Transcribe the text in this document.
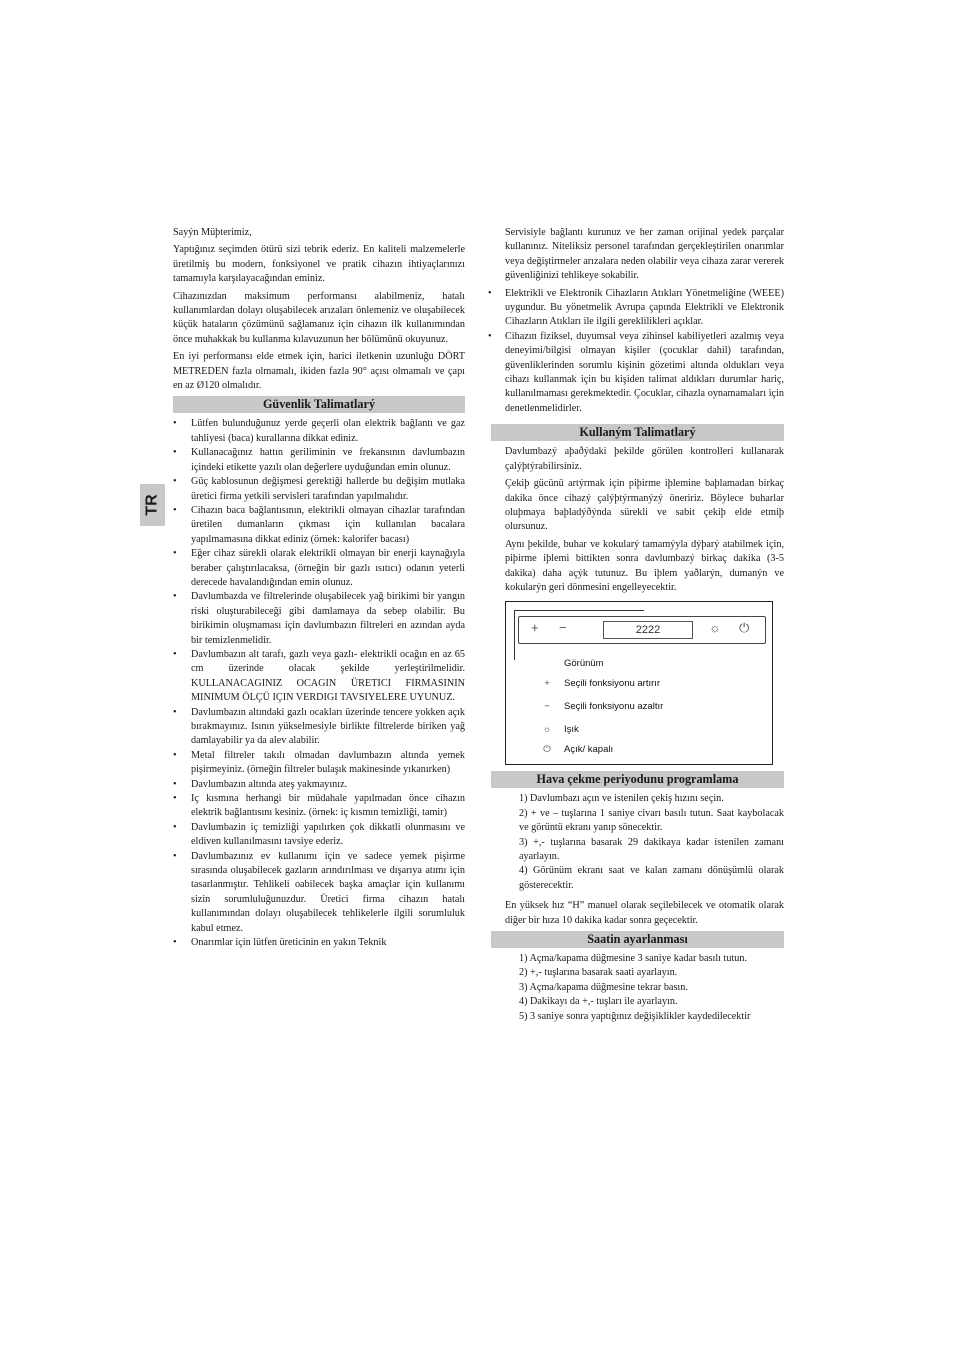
TR

Sayýn Müþterimiz,

Yaptığınız seçimden ötürü sizi tebrik ederiz. En kaliteli malzemelerle üretilmiş bu modern, fonksiyonel ve pratik cihazın ihtiyaçlarınızı tamamıyla karşılayacağından eminiz.

Cihazınızdan maksimum performansı alabilmeniz, hatalı kullanımlardan dolayı oluşabilecek arızaları önlemeniz ve oluşabilecek küçük hataların çözümünü sağlamanız için cihazın ilk kullanımından önce muhakkak bu kullanma kılavuzunun her bölümünü okuyunuz.

En iyi performansı elde etmek için, harici iletkenin uzunluğu DÖRT METREDEN fazla olmamalı, ikiden fazla 90° açısı olmamalı ve çapı en az Ø120 olmalıdır.

Güvenlik Talimatlarý
• Lütfen bulunduğunuz yerde geçerli olan elektrik bağlantı ve gaz tahliyesi (baca) kurallarına dikkat ediniz.
• Kullanacağınız hattın geriliminin ve frekansının davlumbazın içindeki etikette yazılı olan değerlere uyduğundan emin olunuz.
• Güç kablosunun değişmesi gerektiği hallerde bu değişim mutlaka üretici firma yetkili servisleri tarafından yapılmalıdır.
• Cihazın baca bağlantısının, elektrikli olmayan cihazlar tarafından üretilen dumanların çıkması için kullanılan bacalara yapılmamasına dikkat ediniz (örnek: kalorifer bacası)
• Eğer cihaz sürekli olarak elektrikli olmayan bir enerji kaynağıyla beraber çalıştırılacaksa, (örneğin bir gazlı ısıtıcı) odanın yeterli derecede havalandığından emin olunuz.
• Davlumbazda ve filtrelerinde oluşabilecek yağ birikimi bir yangın riski oluşturabileceği gibi damlamaya da sebep olabilir. Bu birikimin oluşmaması için davlumbazın filtreleri en azından ayda bir temizlenmelidir.
• Davlumbazın alt tarafı, gazlı veya gazlı- elektrikli ocağın en az 65 cm üzerinde olacak şekilde yerleştirilmelidir. KULLANACAGINIZ OCAGIN ÜRETICI FIRMASININ MINIMUM ÖLÇÜ IÇIN VERDIGI TAVSIYELERE UYUNUZ.
• Davlumbazın altındaki gazlı ocakları üzerinde tencere yokken açık bırakmayınız. Isının yükselmesiyle birlikte filtrelerde biriken yağ damlayabilir ya da alev alabilir.
• Metal filtreler takılı olmadan davlumbazın altında yemek pişirmeyiniz. (örneğin filtreler bulaşık makinesinde yıkanırken)
• Davlumbazın altında ateş yakmayınız.
• Iç kısmına herhangi bir müdahale yapılmadan önce cihazın elektrik bağlantısını kesiniz. (örnek: iç kısmın temizliği, tamir)
• Davlumbazin iç temizliği yapılırken çok dikkatli olunmasını ve eldiven kullanılmasını tavsiye ederiz.
• Davlumbazınız ev kullanımı için ve sadece yemek pişirme sırasında oluşabilecek gazların arındırılması ve dışarıya atımı için tasarlanmıştır. Tehlikeli oabilecek başka amaçlar için kullanımı sizin sorumluluğunuzdur. Üretici firma cihazın hatalı kullanımından dolayı oluşabilecek tehlikelerle ilgili sorumluluk kabul etmez.
• Onarımlar için lütfen üreticinin en yakın Teknik

Servisiyle bağlantı kurunuz ve her zaman orijinal yedek parçalar kullanınız. Niteliksiz personel tarafından gerçekleştirilen onarımlar veya değiştirmeler arızalara neden olabilir veya cihaza zarar vererek güvenliğinizi tehlikeye sokabilir.

• Elektrikli ve Elektronik Cihazların Atıkları Yönetmeliğine (WEEE) uygundur. Bu yönetmelik Avrupa çapında Elektrikli ve Elektronik Cihazların Atıkları ile ilgili gereklilikleri açıklar.
• Cihazın fiziksel, duyumsal veya zihinsel kabiliyetleri azalmış veya deneyimi/bilgisi olmayan kişiler (çocuklar dahil) tarafından, güvenliklerinden sorumlu kişinin gözetimi altında oldukları veya cihazı kullanmak için bu kişiden talimat aldıkları durumlar hariç, kullanılmaması gerekmektedir. Çocuklar, cihazla oynamamaları için denetlenmelidirler.
Kullaným Talimatlarý

Davlumbazý aþaðýdaki þekilde görülen kontrolleri kullanarak çalýþtýrabilirsiniz.

Çekiþ gücünü artýrmak için piþirme iþlemine baþlamadan birkaç dakika önce cihazý çalýþtýrmanýzý öneririz. Böylece buharlar oluþmaya baþladýðýnda sürekli ve sabit çekiþ elde etmiþ olursunuz.

Aynı þekilde, buhar ve kokularý tamamýyla dýþarý atabilmek için, piþirme iþlemi bittikten sonra davlumbazý birkaç dakika (3-5 dakika) daha açýk tutunuz. Bu iþlem yaðlarýn, dumanýn ve kokularýn geri dönmesini engelleyecektir.

+ −	2222	☼ ⏻
Görünüm
+ Seçili fonksiyonu artırır
− Seçili fonksiyonu azaltır
☼ Işık
⏻ Açık/ kapalı
Hava çekme periyodunu programlama
1) Davlumbazı açın ve istenilen çekiş hızını seçin.
2) + ve – tuşlarına 1 saniye civarı basılı tutun. Saat kaybolacak ve görüntü ekranı yanıp sönecektir.
3) +,- tuşlarına basarak 29 dakikaya kadar istenilen zamanı ayarlayın.
4) Görünüm ekranı saat ve kalan zamanı dönüşümlü olarak gösterecektir.

En yüksek hız “H” manuel olarak seçilebilecek ve otomatik olarak diğer bir hıza 10 dakika kadar sonra geçecektir.

Saatin ayarlanması
1) Açma/kapama düğmesine 3 saniye kadar basılı tutun.
2) +,- tuşlarına basarak saati ayarlayın.
3) Açma/kapama düğmesine tekrar basın.
4) Dakikayı da +,- tuşları ile ayarlayın.
5) 3 saniye sonra yaptığınız değişiklikler kaydedilecektir
